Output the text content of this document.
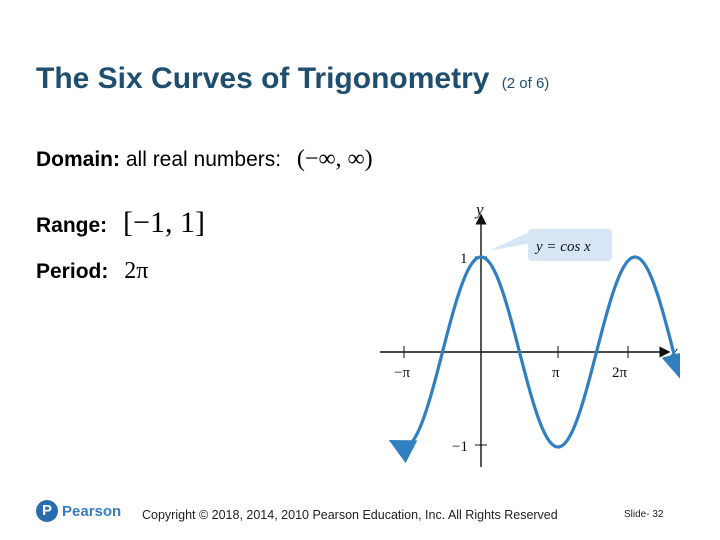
The Six Curves of Trigonometry (2 of 6)
Domain: all real numbers: (−∞, ∞)
Range: [−1, 1]
Period: 2π
x
y
−π	π	2π
1
−1
y = cos x
P Pearson Copyright © 2018, 2014, 2010 Pearson Education, Inc. All Rights Reserved	Slide- 32
